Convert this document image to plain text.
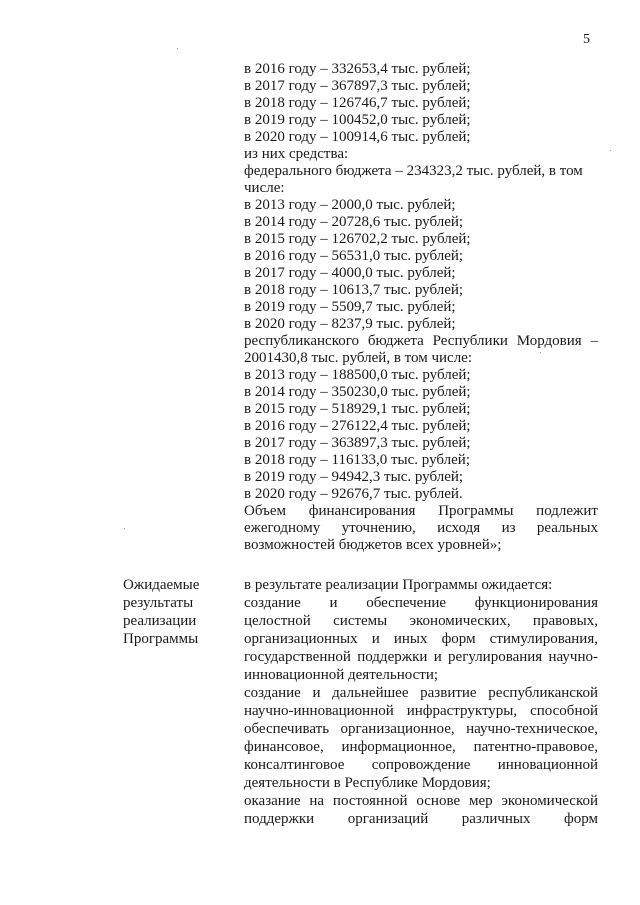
5
в 2016 году – 332653,4 тыс. рублей;
в 2017 году – 367897,3 тыс. рублей;
в 2018 году – 126746,7 тыс. рублей;
в 2019 году – 100452,0 тыс. рублей;
в 2020 году – 100914,6 тыс. рублей;
из них средства:
федерального бюджета – 234323,2 тыс. рублей, в том
числе:
в 2013 году – 2000,0 тыс. рублей;
в 2014 году – 20728,6 тыс. рублей;
в 2015 году – 126702,2 тыс. рублей;
в 2016 году – 56531,0 тыс. рублей;
в 2017 году – 4000,0 тыс. рублей;
в 2018 году – 10613,7 тыс. рублей;
в 2019 году – 5509,7 тыс. рублей;
в 2020 году – 8237,9 тыс. рублей;
республиканского бюджета Республики Мордовия –
2001430,8 тыс. рублей, в том числе:
в 2013 году – 188500,0 тыс. рублей;
в 2014 году – 350230,0 тыс. рублей;
в 2015 году – 518929,1 тыс. рублей;
в 2016 году – 276122,4 тыс. рублей;
в 2017 году – 363897,3 тыс. рублей;
в 2018 году – 116133,0 тыс. рублей;
в 2019 году – 94942,3 тыс. рублей;
в 2020 году – 92676,7 тыс. рублей.
Объем финансирования Программы подлежит
ежегодному уточнению, исходя из реальных
возможностей бюджетов всех уровней»;
Ожидаемые
результаты
реализации
Программы
в результате реализации Программы ожидается:
создание и обеспечение функционирования
целостной системы экономических, правовых,
организационных и иных форм стимулирования,
государственной поддержки и регулирования научно-
инновационной деятельности;
создание и дальнейшее развитие республиканской
научно-инновационной инфраструктуры, способной
обеспечивать организационное, научно-техническое,
финансовое, информационное, патентно-правовое,
консалтинговое сопровождение инновационной
деятельности в Республике Мордовия;
оказание на постоянной основе мер экономической
поддержки организаций различных форм
